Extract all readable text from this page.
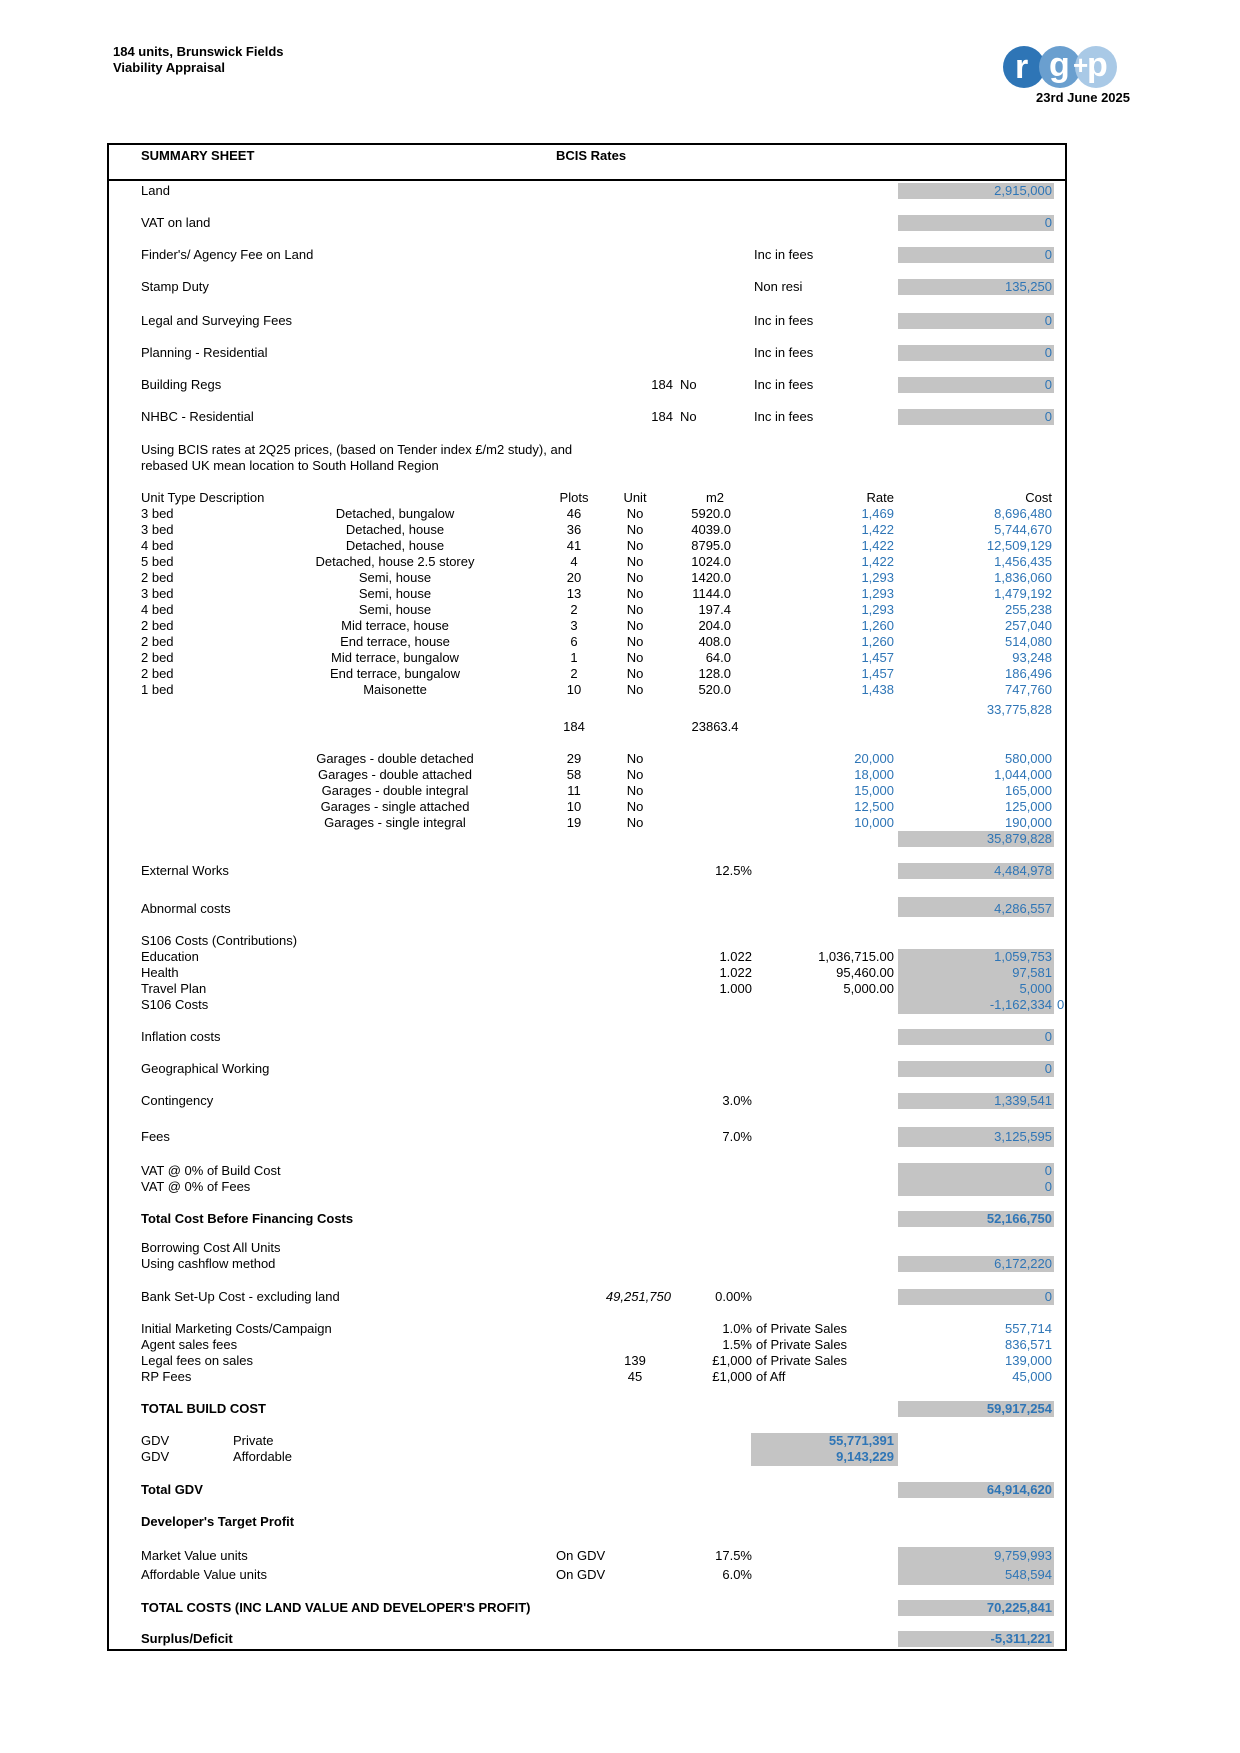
184 units, Brunswick Fields
Viability Appraisal	r g +
p
23rd June 2025
SUMMARY SHEET	BCIS Rates
Land	2,915,000
VAT on land	0
Finder's/ Agency Fee on Land	Inc in fees	0
Stamp Duty	Non resi	135,250
Legal and Surveying Fees	Inc in fees	0
Planning - Residential	Inc in fees	0
Building Regs	184 No	Inc in fees	0
NHBC - Residential	184 No	Inc in fees	0
Using BCIS rates at 2Q25 prices, (based on Tender index £/m2 study), and
rebased UK mean location to South Holland Region
Unit Type Description	Plots	Unit	m2	Rate	Cost
3 bed	Detached, bungalow	46	No	5920.0	1,469	8,696,480
3 bed	Detached, house	36	No	4039.0	1,422	5,744,670
4 bed	Detached, house	41	No	8795.0	1,422	12,509,129
5 bed	Detached, house 2.5 storey	4	No	1024.0	1,422	1,456,435
2 bed	Semi, house	20	No	1420.0	1,293	1,836,060
3 bed	Semi, house	13	No	1144.0	1,293	1,479,192
4 bed	Semi, house	2	No	197.4	1,293	255,238
2 bed	Mid terrace, house	3	No	204.0	1,260	257,040
2 bed	End terrace, house	6	No	408.0	1,260	514,080
2 bed	Mid terrace, bungalow	1	No	64.0	1,457	93,248
2 bed	End terrace, bungalow	2	No	128.0	1,457	186,496
1 bed	Maisonette	10	No	520.0	1,438	747,760
33,775,828
184	23863.4
Garages - double detached	29	No	20,000	580,000
Garages - double attached	58	No	18,000	1,044,000
Garages - double integral	11	No	15,000	165,000
Garages - single attached	10	No	12,500	125,000
Garages - single integral	19	No	10,000	190,000
35,879,828
External Works	12.5%	4,484,978
Abnormal costs	4,286,557
S106 Costs (Contributions)
Education	1.022	1,036,715.00	1,059,753
Health	1.022	95,460.00	97,581
Travel Plan	1.000	5,000.00	5,000
S106 Costs	-1,162,334 0
Inflation costs	0
Geographical Working	0
Contingency	3.0%	1,339,541
Fees	7.0%	3,125,595
VAT @ 0% of Build Cost	0
VAT @ 0% of Fees	0
Total Cost Before Financing Costs	52,166,750
Borrowing Cost All Units
Using cashflow method	6,172,220
Bank Set-Up Cost - excluding land	49,251,750	0.00%	0
Initial Marketing Costs/Campaign	1.0% of Private Sales	557,714
Agent sales fees	1.5% of Private Sales	836,571
Legal fees on sales	139	£1,000 of Private Sales	139,000
RP Fees	45	£1,000 of Aff	45,000
TOTAL BUILD COST	59,917,254
GDV	Private	55,771,391
GDV	Affordable	9,143,229
Total GDV	64,914,620
Developer's Target Profit
Market Value units	On GDV	17.5%	9,759,993
Affordable Value units	On GDV	6.0%	548,594
TOTAL COSTS (INC LAND VALUE AND DEVELOPER'S PROFIT)	70,225,841
Surplus/Deficit	-5,311,221
